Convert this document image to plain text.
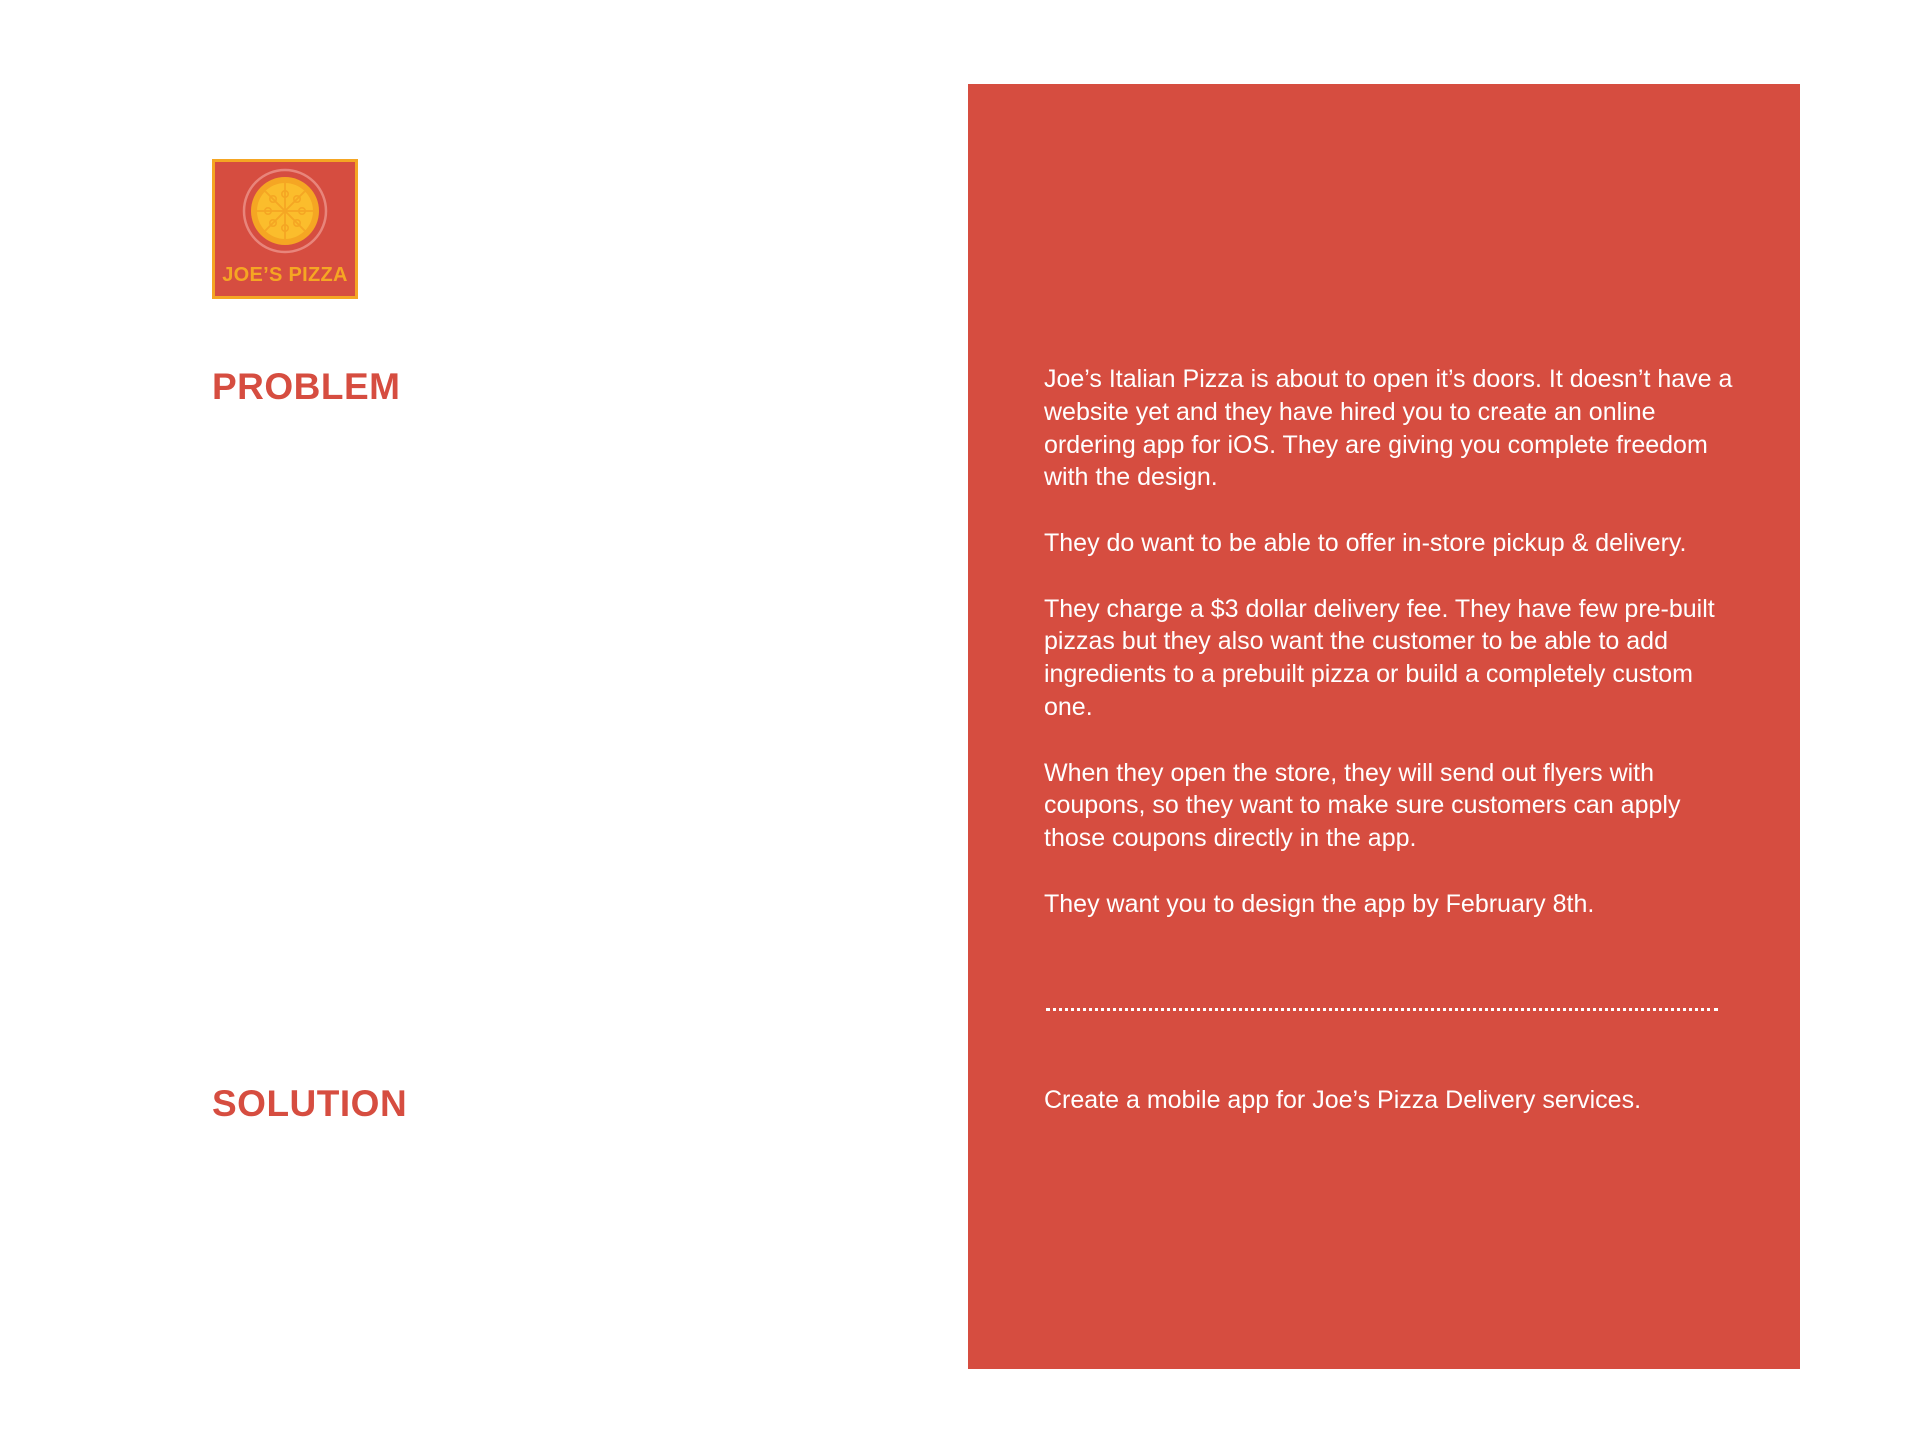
JOE’S PIZZA
PROBLEM
SOLUTION

Joe’s Italian Pizza is about to open it’s doors. It doesn’t have a website yet and they have hired you to create an online ordering app for iOS. They are giving you complete freedom with the design.

They do want to be able to offer in-store pickup & delivery.

They charge a $3 dollar delivery fee. They have few pre-built pizzas but they also want the customer to be able to add ingredients to a prebuilt pizza or build a completely custom one.

When they open the store, they will send out flyers with coupons, so they want to make sure customers can apply those coupons directly in the app.

They want you to design the app by February 8th.

Create a mobile app for Joe’s Pizza Delivery services.
